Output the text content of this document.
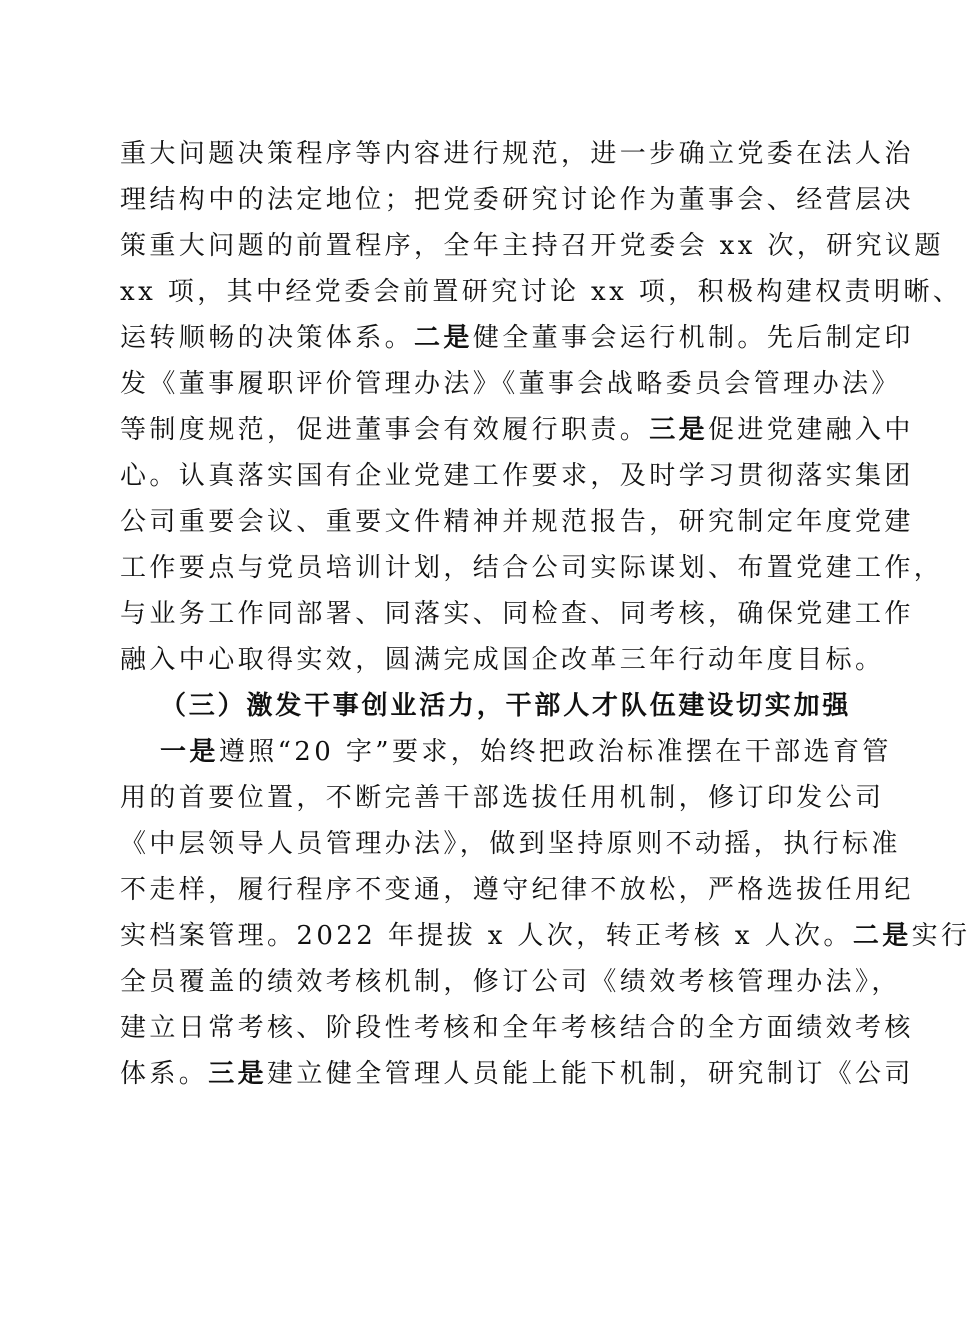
重大问题决策程序等内容进行规范，进一步确立党委在法人治
理结构中的法定地位；把党委研究讨论作为董事会、经营层决
策重大问题的前置程序，全年主持召开党委会 xx 次，研究议题
xx 项，其中经党委会前置研究讨论 xx 项，积极构建权责明晰、
运转顺畅的决策体系。二是健全董事会运行机制。先后制定印
发《董事履职评价管理办法》《董事会战略委员会管理办法》
等制度规范，促进董事会有效履行职责。三是促进党建融入中
心。认真落实国有企业党建工作要求，及时学习贯彻落实集团
公司重要会议、重要文件精神并规范报告，研究制定年度党建
工作要点与党员培训计划，结合公司实际谋划、布置党建工作，
与业务工作同部署、同落实、同检查、同考核，确保党建工作
融入中心取得实效，圆满完成国企改革三年行动年度目标。
（三）激发干事创业活力，干部人才队伍建设切实加强
一是遵照“20 字”要求，始终把政治标准摆在干部选育管
用的首要位置，不断完善干部选拔任用机制，修订印发公司
《中层领导人员管理办法》，做到坚持原则不动摇，执行标准
不走样，履行程序不变通，遵守纪律不放松，严格选拔任用纪
实档案管理。2022 年提拔 x 人次，转正考核 x 人次。二是实行
全员覆盖的绩效考核机制，修订公司《绩效考核管理办法》，
建立日常考核、阶段性考核和全年考核结合的全方面绩效考核
体系。三是建立健全管理人员能上能下机制，研究制订《公司
